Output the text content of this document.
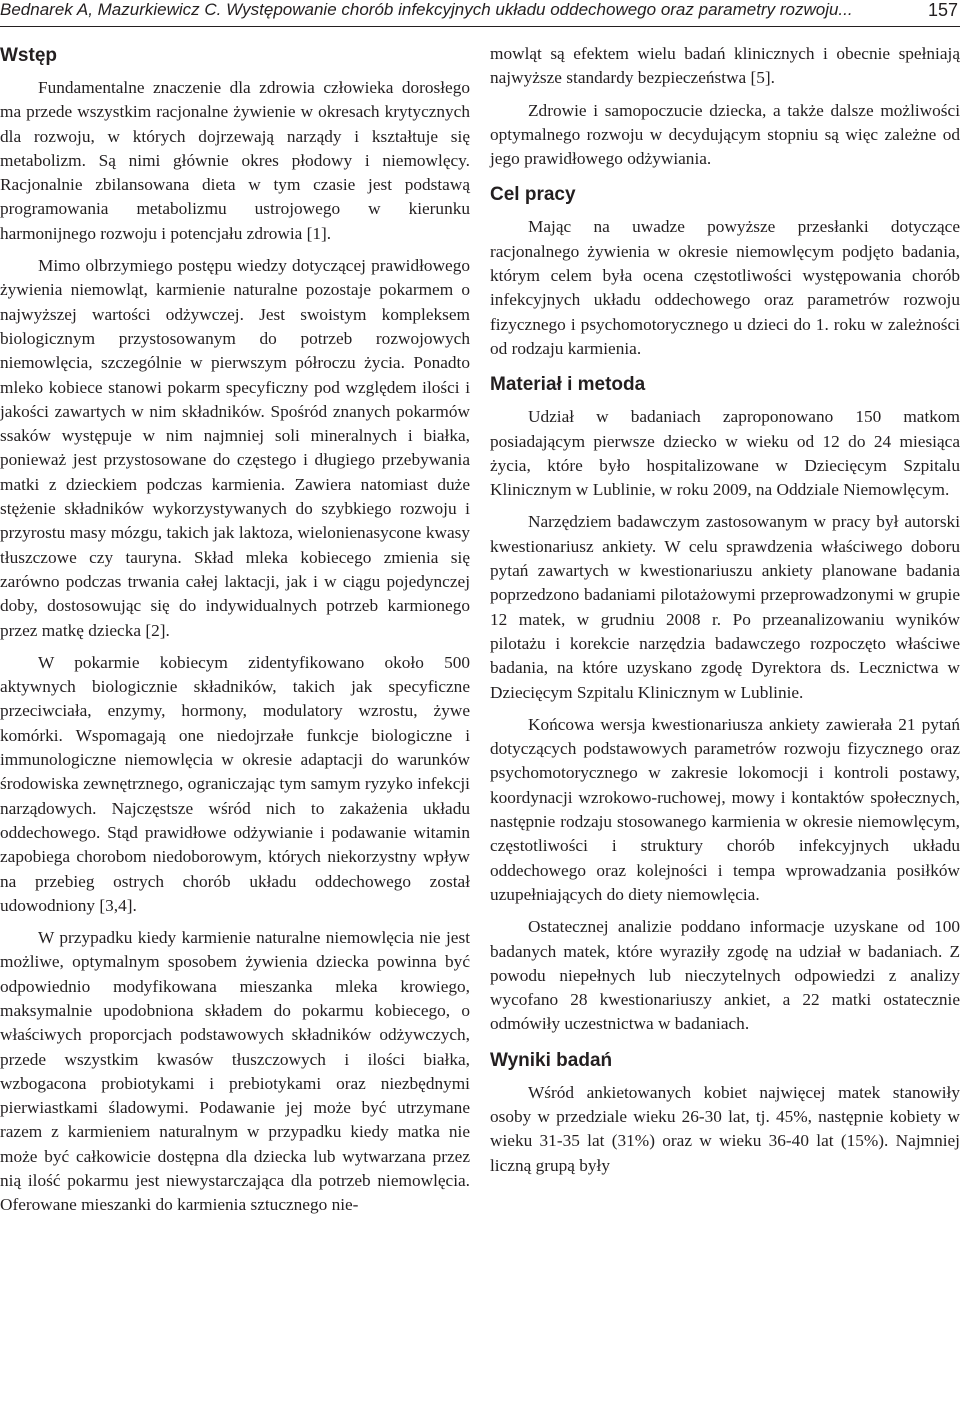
Bednarek A, Mazurkiewicz C. Występowanie chorób infekcyjnych układu oddechowego oraz parametry rozwoju...	157
Wstęp

Fundamentalne znaczenie dla zdrowia człowieka dorosłego ma przede wszystkim racjonalne żywienie w okresach krytycznych dla rozwoju, w których dojrzewają narządy i kształtuje się metabolizm. Są nimi głównie okres płodowy i niemowlęcy. Racjonalnie zbilansowana dieta w tym czasie jest podstawą programowania metabolizmu ustrojowego w kierunku harmonijnego rozwoju i potencjału zdrowia [1].

Mimo olbrzymiego postępu wiedzy dotyczącej prawidłowego żywienia niemowląt, karmienie naturalne pozostaje pokarmem o najwyższej wartości odżywczej. Jest swoistym kompleksem biologicznym przystosowanym do potrzeb rozwojowych niemowlęcia, szczególnie w pierwszym półroczu życia. Ponadto mleko kobiece stanowi pokarm specyficzny pod względem ilości i jakości zawartych w nim składników. Spośród znanych pokarmów ssaków występuje w nim najmniej soli mineralnych i białka, ponieważ jest przystosowane do częstego i długiego przebywania matki z dzieckiem podczas karmienia. Zawiera natomiast duże stężenie składników wykorzystywanych do szybkiego rozwoju i przyrostu masy mózgu, takich jak laktoza, wielonienasycone kwasy tłuszczowe czy tauryna. Skład mleka kobiecego zmienia się zarówno podczas trwania całej laktacji, jak i w ciągu pojedynczej doby, dostosowując się do indywidualnych potrzeb karmionego przez matkę dziecka [2].

W pokarmie kobiecym zidentyfikowano około 500 aktywnych biologicznie składników, takich jak specyficzne przeciwciała, enzymy, hormony, modulatory wzrostu, żywe komórki. Wspomagają one niedojrzałe funkcje biologiczne i immunologiczne niemowlęcia w okresie adaptacji do warunków środowiska zewnętrznego, ograniczając tym samym ryzyko infekcji narządowych. Najczęstsze wśród nich to zakażenia układu oddechowego. Stąd prawidłowe odżywianie i podawanie witamin zapobiega chorobom niedoborowym, których niekorzystny wpływ na przebieg ostrych chorób układu oddechowego został udowodniony [3,4].

W przypadku kiedy karmienie naturalne niemowlęcia nie jest możliwe, optymalnym sposobem żywienia dziecka powinna być odpowiednio modyfikowana mieszanka mleka krowiego, maksymalnie upodobniona składem do pokarmu kobiecego, o właściwych proporcjach podstawowych składników odżywczych, przede wszystkim kwasów tłuszczowych i ilości białka, wzbogacona probiotykami i prebiotykami oraz niezbędnymi pierwiastkami śladowymi. Podawanie jej może być utrzymane razem z karmieniem naturalnym w przypadku kiedy matka nie może być całkowicie dostępna dla dziecka lub wytwarzana przez nią ilość pokarmu jest niewystarczająca dla potrzeb niemowlęcia. Oferowane mieszanki do karmienia sztucznego nie-

mowląt są efektem wielu badań klinicznych i obecnie spełniają najwyższe standardy bezpieczeństwa [5].

Zdrowie i samopoczucie dziecka, a także dalsze możliwości optymalnego rozwoju w decydującym stopniu są więc zależne od jego prawidłowego odżywiania.

Cel pracy

Mając na uwadze powyższe przesłanki dotyczące racjonalnego żywienia w okresie niemowlęcym podjęto badania, którym celem była ocena częstotliwości występowania chorób infekcyjnych układu oddechowego oraz parametrów rozwoju fizycznego i psychomotorycznego u dzieci do 1. roku w zależności od rodzaju karmienia.

Materiał i metoda

Udział w badaniach zaproponowano 150 matkom posiadającym pierwsze dziecko w wieku od 12 do 24 miesiąca życia, które było hospitalizowane w Dziecięcym Szpitalu Klinicznym w Lublinie, w roku 2009, na Oddziale Niemowlęcym.

Narzędziem badawczym zastosowanym w pracy był autorski kwestionariusz ankiety. W celu sprawdzenia właściwego doboru pytań zawartych w kwestionariuszu ankiety planowane badania poprzedzono badaniami pilotażowymi przeprowadzonymi w grupie 12 matek, w grudniu 2008 r. Po przeanalizowaniu wyników pilotażu i korekcie narzędzia badawczego rozpoczęto właściwe badania, na które uzyskano zgodę Dyrektora ds. Lecznictwa w Dziecięcym Szpitalu Klinicznym w Lublinie.

Końcowa wersja kwestionariusza ankiety zawierała 21 pytań dotyczących podstawowych parametrów rozwoju fizycznego oraz psychomotorycznego w zakresie lokomocji i kontroli postawy, koordynacji wzrokowo-ruchowej, mowy i kontaktów społecznych, następnie rodzaju stosowanego karmienia w okresie niemowlęcym, częstotliwości i struktury chorób infekcyjnych układu oddechowego oraz kolejności i tempa wprowadzania posiłków uzupełniających do diety niemowlęcia.

Ostatecznej analizie poddano informacje uzyskane od 100 badanych matek, które wyraziły zgodę na udział w badaniach. Z powodu niepełnych lub nieczytelnych odpowiedzi z analizy wycofano 28 kwestionariuszy ankiet, a 22 matki ostatecznie odmówiły uczestnictwa w badaniach.

Wyniki badań

Wśród ankietowanych kobiet najwięcej matek stanowiły osoby w przedziale wieku 26-30 lat, tj. 45%, następnie kobiety w wieku 31-35 lat (31%) oraz w wieku 36-40 lat (15%). Najmniej liczną grupą były
